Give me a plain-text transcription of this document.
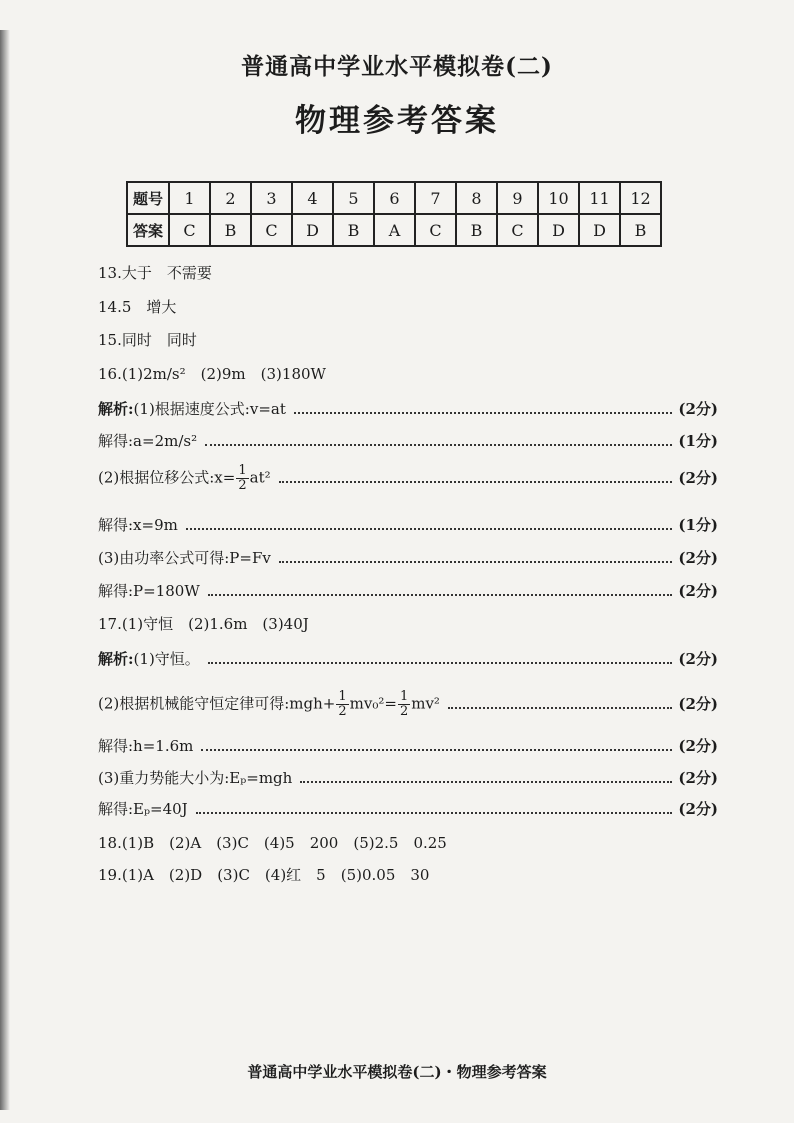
普通高中学业水平模拟卷(二)
物理参考答案
题号	1	2	3	4	5	6	7	8	9	10	11	12
答案	C	B	C	D	B	A	C	B	C	D	D	B
13.大于　不需要
14.5　增大
15.同时　同时
16.(1)2m/s²　(2)9m　(3)180W
解析:(1)根据速度公式:v=at	(2分)
解得:a=2m/s²	(1分)
(2)根据位移公式:x= $\frac{1}{2} at^2$	(2分)
解得:x=9m	(1分)
(3)由功率公式可得:P=Fv	(2分)
解得:P=180W	(2分)
17.(1)守恒　(2)1.6m　(3)40J
解析:(1)守恒。	(2分)
(2)根据机械能守恒定律可得:mgh+ $\frac{1}{2} mv_0^2= \frac{1}{2} mv^2$	(2分)
解得:h=1.6m	(2分)
(3)重力势能大小为:Eₚ=mgh	(2分)
解得:Eₚ=40J	(2分)
18.(1)B　(2)A　(3)C　(4)5　200　(5)2.5　0.25
19.(1)A　(2)D　(3)C　(4)红　5　(5)0.05　30
普通高中学业水平模拟卷(二)・物理参考答案
